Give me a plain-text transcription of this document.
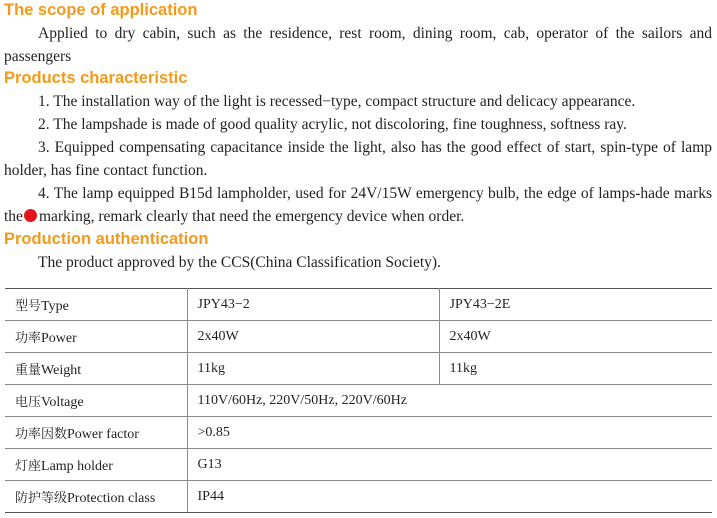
The scope of application

Applied to dry cabin, such as the residence, rest room, dining room, cab, operator of the sailors and passengers

Products characteristic

1. The installation way of the light is recessed−type, compact structure and delicacy appearance.

2. The lampshade is made of good quality acrylic, not discoloring, fine toughness, softness ray.

3. Equipped compensating capacitance inside the light, also has the good effect of start, spin-type of lamp holder, has fine contact function.

4. The lamp equipped B15d lampholder, used for 24V/15W emergency bulb, the edge of lamps-hade marks the marking, remark clearly that need the emergency device when order.

Production authentication

The product approved by the CCS(China Classification Society).

型号Type	JPY43−2	JPY43−2E
功率Power	2x40W	2x40W
重量Weight	11kg	11kg
电压Voltage	110V/60Hz, 220V/50Hz, 220V/60Hz	
功率因数Power factor	>0.85	
灯座Lamp holder	G13	
防护等级Protection class	IP44	
